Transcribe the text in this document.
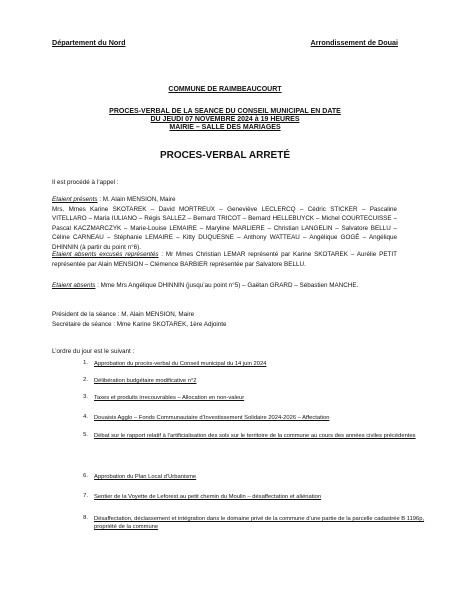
Département du Nord	Arrondissement de Douai
COMMUNE DE RAIMBEAUCOURT
PROCES-VERBAL DE LA SEANCE DU CONSEIL MUNICIPAL EN DATE
DU JEUDI 07 NOVEMBRE 2024 à 19 HEURES
MAIRIE – SALLE DES MARIAGES
PROCES-VERBAL ARRETÉ
Il est procédé à l’appel :
Etaient présents : M. Alain MENSION, Maire
Mrs. Mmes Karine SKOTAREK – David MORTREUX – Geneviève LECLERCQ – Cédric STICKER – Pascaline VITELLARO – Maria IULIANO – Régis SALLEZ – Bernard TRICOT – Bernard HELLEBUYCK – Michel COURTECUISSE – Pascal KACZMARCZYK – Marie-Louise LEMAIRE – Maryline MARLIERE – Christian LANGELIN – Salvatore BELLU – Céline CARNEAU – Stéphanie LEMAIRE – Kitty DUQUESNE – Anthony WATTEAU – Angélique GOGÉ – Angélique DHINNIN (à partir du point n°6).
Etaient absents excusés représentés : Mr Mmes Christian LEMAR représenté par Karine SKOTAREK – Aurélie PETIT représentée par Alain MENSION – Clémence BARBIER représentée par Salvatore BELLU.
Etaient absents : Mme Mrs Angélique DHINNIN (jusqu’au point n°5) – Gaëtan GRARD – Sébastien MANCHE.
Président de la séance : M. Alain MENSION, Maire
Secrétaire de séance : Mme Karine SKOTAREK, 1ère Adjointe
L’ordre du jour est le suivant :
1. Approbation du procès-verbal du Conseil municipal du 14 juin 2024
2. Délibération budgétaire modificative n°2
3. Taxes et produits irrecouvrables – Allocation en non-valeur
4. Douaisis Agglo – Fonds Communautaire d’Investissement Solidaire 2024-2026 – Affectation
5. Débat sur le rapport relatif à l’artificialisation des sols sur le territoire de la commune au cours des années civiles précédentes
6. Approbation du Plan Local d’Urbanisme
7. Sentier de la Voyette de Leforest au petit chemin du Moulin – désaffectation et aliénation
8. Désaffectation, déclassement et intégration dans le domaine privé de la commune d’une partie de la parcelle cadastrée B 1196p, propriété de la commune
